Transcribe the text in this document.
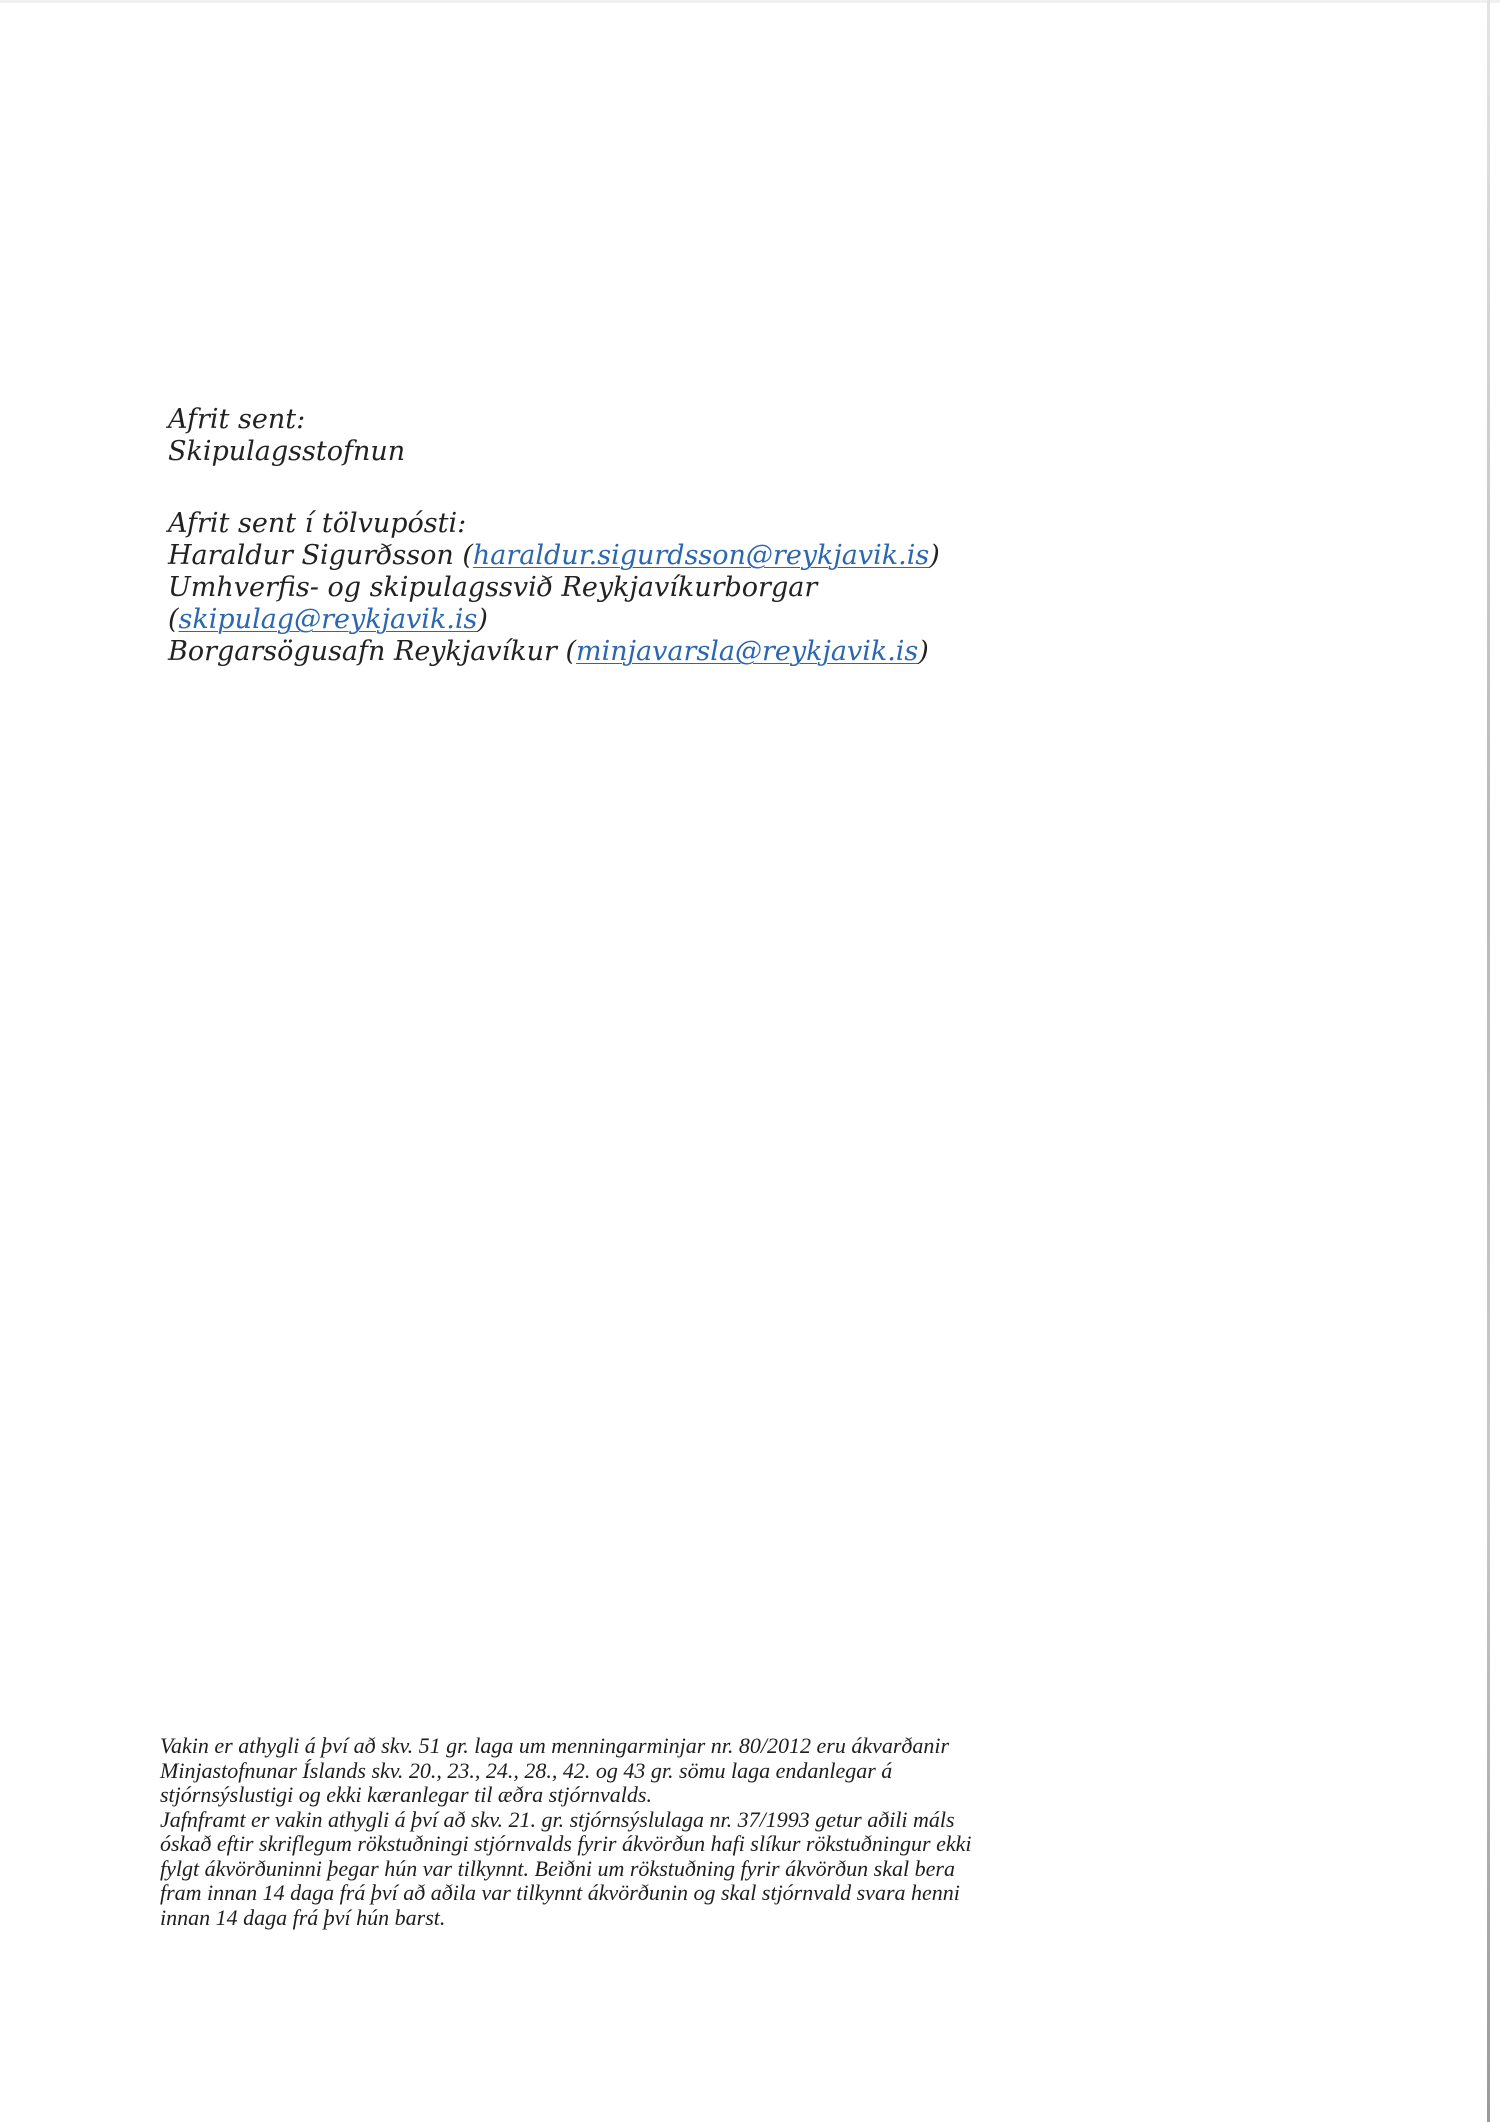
Afrit sent:
Skipulagsstofnun
Afrit sent í tölvupósti:
Haraldur Sigurðsson (haraldur.sigurdsson@reykjavik.is)
Umhverfis- og skipulagssvið Reykjavíkurborgar
(skipulag@reykjavik.is)
Borgarsögusafn Reykjavíkur (minjavarsla@reykjavik.is)
Vakin er athygli á því að skv. 51 gr. laga um menningarminjar nr. 80/2012 eru ákvarðanir
Minjastofnunar Íslands skv. 20., 23., 24., 28., 42. og 43 gr. sömu laga endanlegar á
stjórnsýslustigi og ekki kæranlegar til æðra stjórnvalds.
Jafnframt er vakin athygli á því að skv. 21. gr. stjórnsýslulaga nr. 37/1993 getur aðili máls
óskað eftir skriflegum rökstuðningi stjórnvalds fyrir ákvörðun hafi slíkur rökstuðningur ekki
fylgt ákvörðuninni þegar hún var tilkynnt. Beiðni um rökstuðning fyrir ákvörðun skal bera
fram innan 14 daga frá því að aðila var tilkynnt ákvörðunin og skal stjórnvald svara henni
innan 14 daga frá því hún barst.
